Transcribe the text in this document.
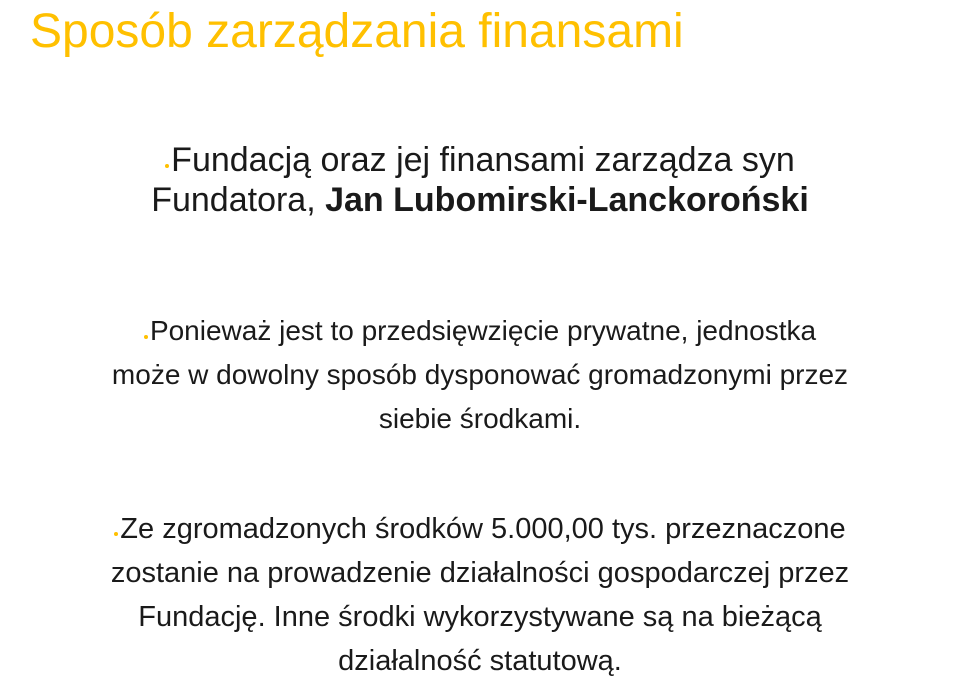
Sposób zarządzania finansami
Fundacją oraz jej finansami zarządza syn
Fundatora, Jan Lubomirski-Lanckoroński
Ponieważ jest to przedsięwzięcie prywatne, jednostka
może w dowolny sposób dysponować gromadzonymi przez
siebie środkami.
Ze zgromadzonych środków 5.000,00 tys. przeznaczone
zostanie na prowadzenie działalności gospodarczej przez
Fundację. Inne środki wykorzystywane są na bieżącą
działalność statutową.
